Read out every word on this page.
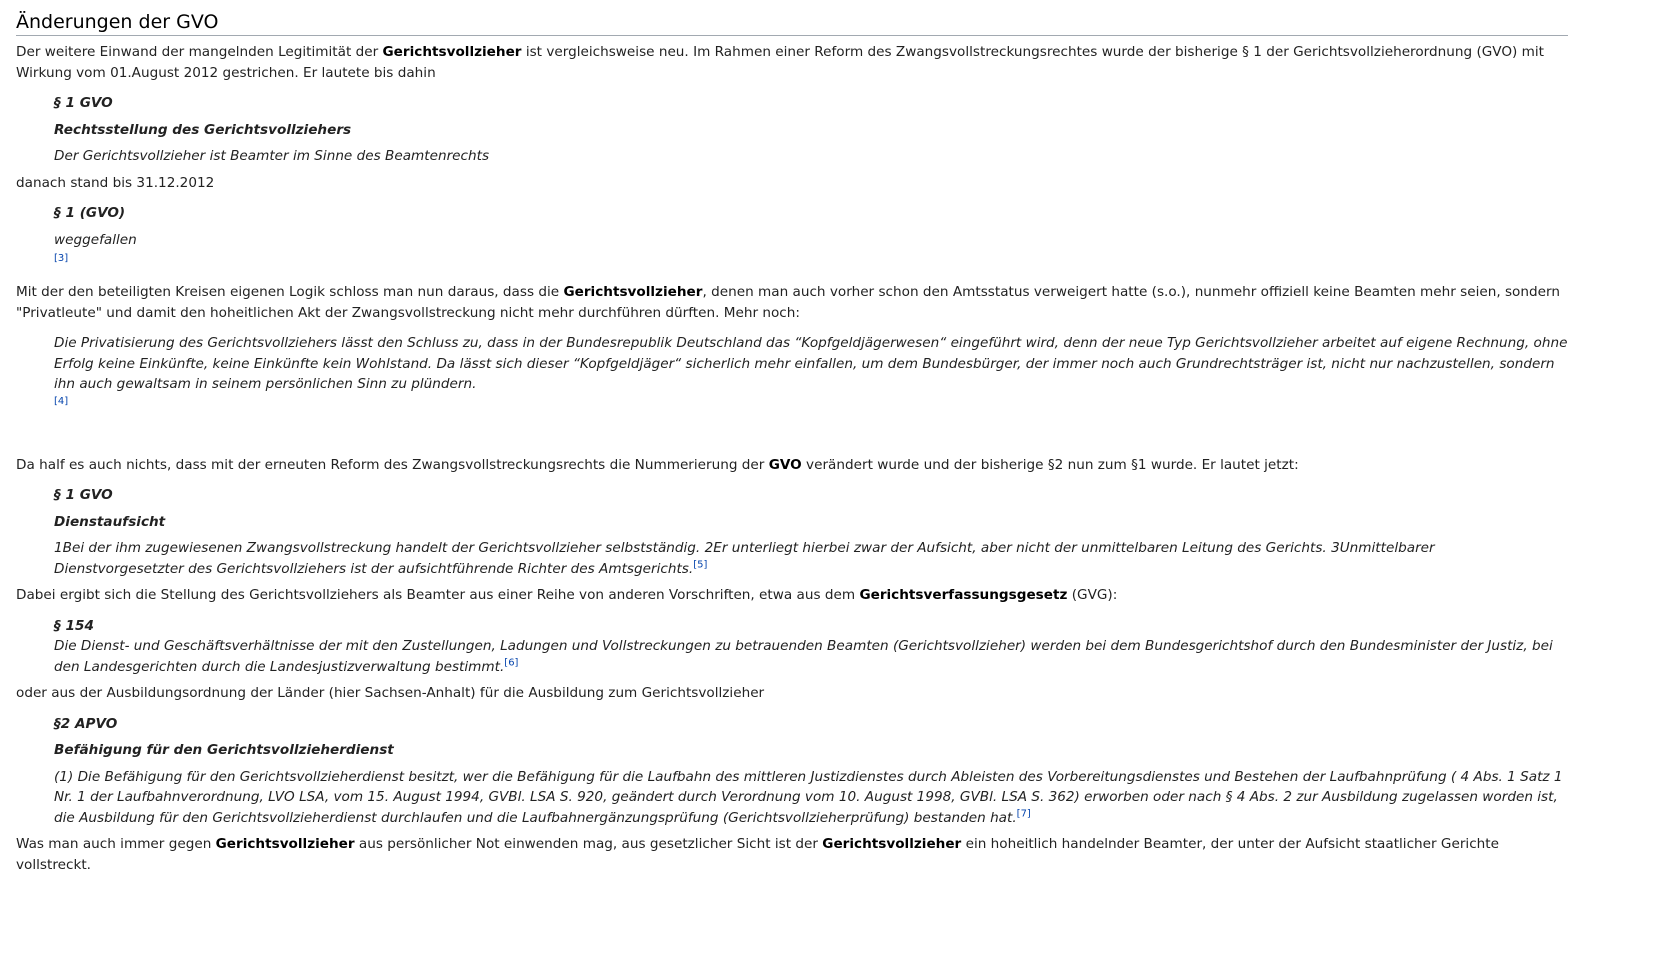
Änderungen der GVO

Der weitere Einwand der mangelnden Legitimität der Gerichtsvollzieher ist vergleichsweise neu. Im Rahmen einer Reform des Zwangsvollstreckungsrechtes wurde der bisherige § 1 der Gerichtsvollzieherordnung (GVO) mit Wirkung vom 01.August 2012 gestrichen. Er lautete bis dahin

§ 1 GVO
Rechtsstellung des Gerichtsvollziehers
Der Gerichtsvollzieher ist Beamter im Sinne des Beamtenrechts

danach stand bis 31.12.2012

§ 1 (GVO)
weggefallen
[3]

Mit der den beteiligten Kreisen eigenen Logik schloss man nun daraus, dass die Gerichtsvollzieher, denen man auch vorher schon den Amtsstatus verweigert hatte (s.o.), nunmehr offiziell keine Beamten mehr seien, sondern "Privatleute" und damit den hoheitlichen Akt der Zwangsvollstreckung nicht mehr durchführen dürften. Mehr noch:

Die Privatisierung des Gerichtsvollziehers lässt den Schluss zu, dass in der Bundesrepublik Deutschland das “Kopfgeldjägerwesen“ eingeführt wird, denn der neue Typ Gerichtsvollzieher arbeitet auf eigene Rechnung, ohne Erfolg keine Einkünfte, keine Einkünfte kein Wohlstand. Da lässt sich dieser “Kopfgeldjäger“ sicherlich mehr einfallen, um dem Bundesbürger, der immer noch auch Grundrechtsträger ist, nicht nur nachzustellen, sondern ihn auch gewaltsam in seinem persönlichen Sinn zu plündern.
[4]

Da half es auch nichts, dass mit der erneuten Reform des Zwangsvollstreckungsrechts die Nummerierung der GVO verändert wurde und der bisherige §2 nun zum §1 wurde. Er lautet jetzt:

§ 1 GVO
Dienstaufsicht
1Bei der ihm zugewiesenen Zwangsvollstreckung handelt der Gerichtsvollzieher selbstständig. 2Er unterliegt hierbei zwar der Aufsicht, aber nicht der unmittelbaren Leitung des Gerichts. 3Unmittelbarer Dienstvorgesetzter des Gerichtsvollziehers ist der aufsichtführende Richter des Amtsgerichts.[5]

Dabei ergibt sich die Stellung des Gerichtsvollziehers als Beamter aus einer Reihe von anderen Vorschriften, etwa aus dem Gerichtsverfassungsgesetz (GVG):

§ 154
Die Dienst- und Geschäftsverhältnisse der mit den Zustellungen, Ladungen und Vollstreckungen zu betrauenden Beamten (Gerichtsvollzieher) werden bei dem Bundesgerichtshof durch den Bundesminister der Justiz, bei den Landesgerichten durch die Landesjustizverwaltung bestimmt.[6]

oder aus der Ausbildungsordnung der Länder (hier Sachsen-Anhalt) für die Ausbildung zum Gerichtsvollzieher

§2 APVO
Befähigung für den Gerichtsvollzieherdienst
(1) Die Befähigung für den Gerichtsvollzieherdienst besitzt, wer die Befähigung für die Laufbahn des mittleren Justizdienstes durch Ableisten des Vorbereitungsdienstes und Bestehen der Laufbahnprüfung ( 4 Abs. 1 Satz 1 Nr. 1 der Laufbahnverordnung, LVO LSA, vom 15. August 1994, GVBl. LSA S. 920, geändert durch Verordnung vom 10. August 1998, GVBl. LSA S. 362) erworben oder nach § 4 Abs. 2 zur Ausbildung zugelassen worden ist, die Ausbildung für den Gerichtsvollzieherdienst durchlaufen und die Laufbahnergänzungsprüfung (Gerichtsvollzieherprüfung) bestanden hat.[7]

Was man auch immer gegen Gerichtsvollzieher aus persönlicher Not einwenden mag, aus gesetzlicher Sicht ist der Gerichtsvollzieher ein hoheitlich handelnder Beamter, der unter der Aufsicht staatlicher Gerichte vollstreckt.
